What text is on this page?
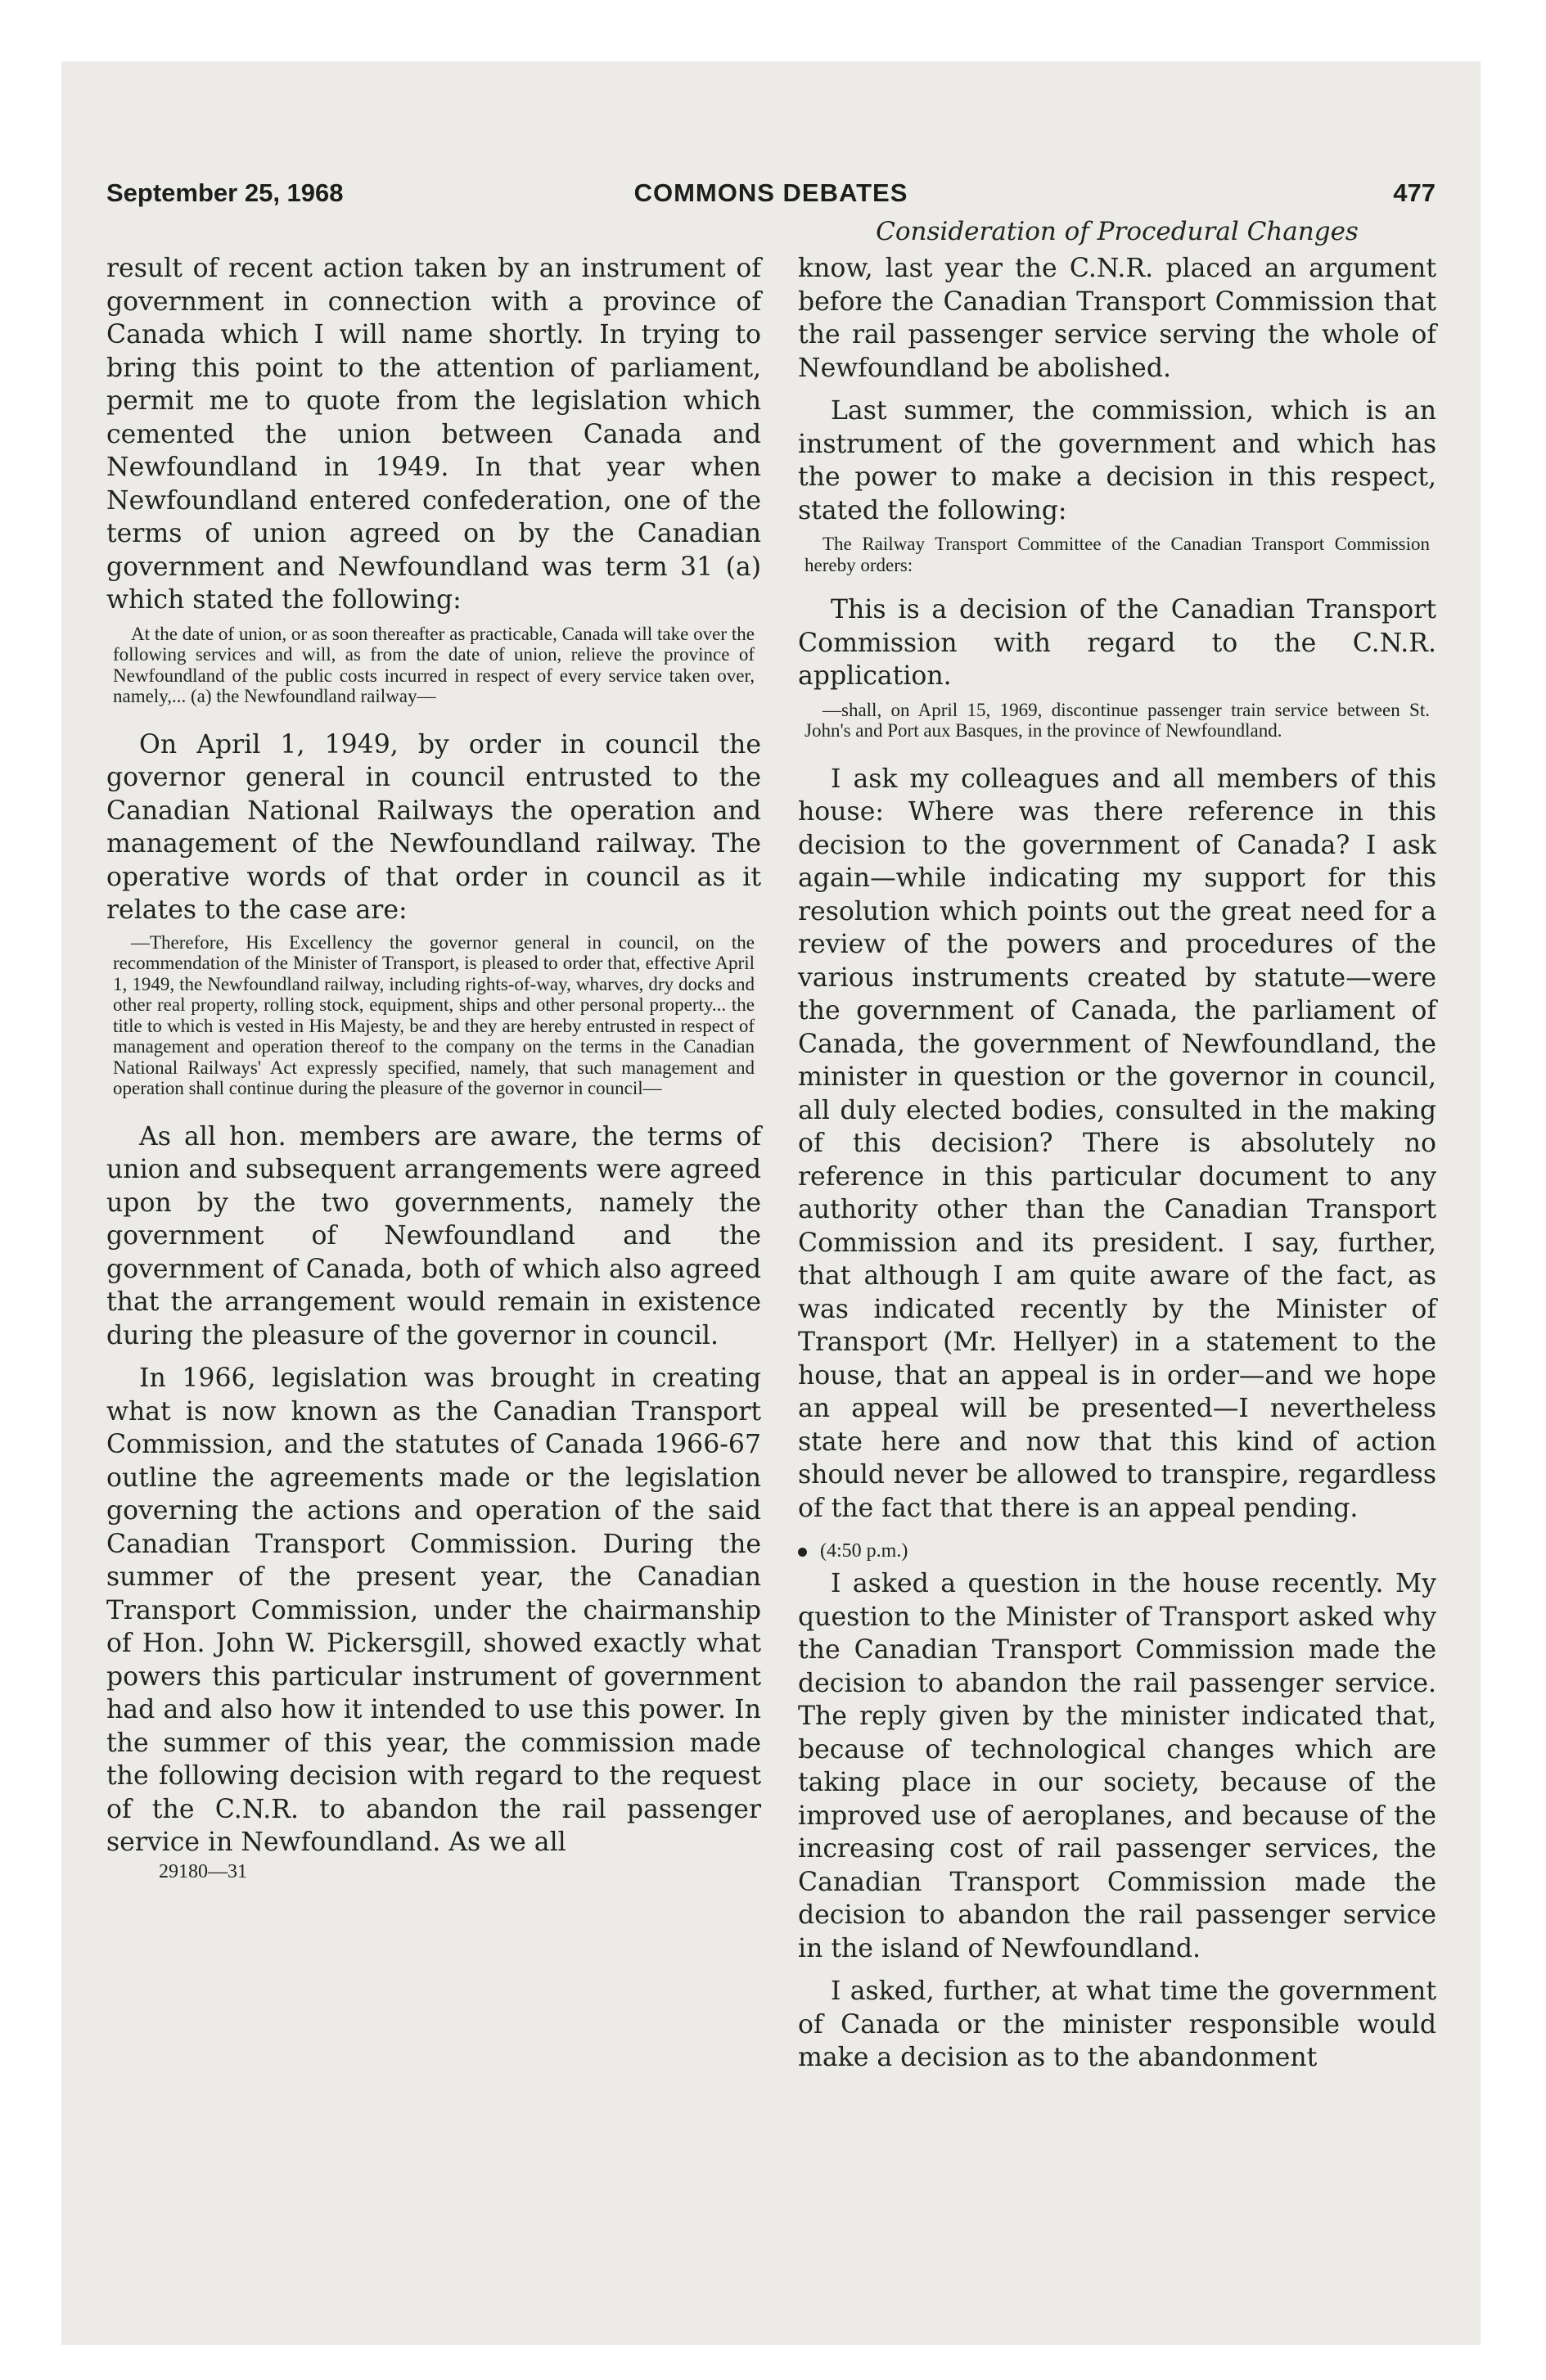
COMMONS DEBATES
September 25, 1968	477
Consideration of Procedural Changes

result of recent action taken by an instrument of government in connection with a province of Canada which I will name shortly. In trying to bring this point to the attention of parliament, permit me to quote from the legislation which cemented the union between Canada and Newfoundland in 1949. In that year when Newfoundland entered confederation, one of the terms of union agreed on by the Canadian government and Newfoundland was term 31 (a) which stated the following:

At the date of union, or as soon thereafter as practicable, Canada will take over the following services and will, as from the date of union, relieve the province of Newfoundland of the public costs incurred in respect of every service taken over, namely,... (a) the Newfoundland railway—

On April 1, 1949, by order in council the governor general in council entrusted to the Canadian National Railways the operation and management of the Newfoundland railway. The operative words of that order in council as it relates to the case are:

—Therefore, His Excellency the governor general in council, on the recommendation of the Minister of Transport, is pleased to order that, effective April 1, 1949, the Newfoundland railway, including rights-of-way, wharves, dry docks and other real property, rolling stock, equipment, ships and other personal property... the title to which is vested in His Majesty, be and they are hereby entrusted in respect of management and operation thereof to the company on the terms in the Canadian National Railways' Act expressly specified, namely, that such management and operation shall continue during the pleasure of the governor in council—

As all hon. members are aware, the terms of union and subsequent arrangements were agreed upon by the two governments, namely the government of Newfoundland and the government of Canada, both of which also agreed that the arrangement would remain in existence during the pleasure of the governor in council.

In 1966, legislation was brought in creating what is now known as the Canadian Transport Commission, and the statutes of Canada 1966-67 outline the agreements made or the legislation governing the actions and operation of the said Canadian Transport Commission. During the summer of the present year, the Canadian Transport Commission, under the chairmanship of Hon. John W. Pickersgill, showed exactly what powers this particular instrument of government had and also how it intended to use this power. In the summer of this year, the commission made the following decision with regard to the request of the C.N.R. to abandon the rail passenger service in Newfoundland. As we all

29180—31

know, last year the C.N.R. placed an argument before the Canadian Transport Commission that the rail passenger service serving the whole of Newfoundland be abolished.

Last summer, the commission, which is an instrument of the government and which has the power to make a decision in this respect, stated the following:

The Railway Transport Committee of the Canadian Transport Commission hereby orders:

This is a decision of the Canadian Transport Commission with regard to the C.N.R. application.

—shall, on April 15, 1969, discontinue passenger train service between St. John's and Port aux Basques, in the province of Newfoundland.

I ask my colleagues and all members of this house: Where was there reference in this decision to the government of Canada? I ask again—while indicating my support for this resolution which points out the great need for a review of the powers and procedures of the various instruments created by statute—were the government of Canada, the parliament of Canada, the government of Newfoundland, the minister in question or the governor in council, all duly elected bodies, consulted in the making of this decision? There is absolutely no reference in this particular document to any authority other than the Canadian Transport Commission and its president. I say, further, that although I am quite aware of the fact, as was indicated recently by the Minister of Transport (Mr. Hellyer) in a statement to the house, that an appeal is in order—and we hope an appeal will be presented—I nevertheless state here and now that this kind of action should never be allowed to transpire, regardless of the fact that there is an appeal pending.

(4:50 p.m.)

I asked a question in the house recently. My question to the Minister of Transport asked why the Canadian Transport Commission made the decision to abandon the rail passenger service. The reply given by the minister indicated that, because of technological changes which are taking place in our society, because of the improved use of aeroplanes, and because of the increasing cost of rail passenger services, the Canadian Transport Commission made the decision to abandon the rail passenger service in the island of Newfoundland.

I asked, further, at what time the government of Canada or the minister responsible would make a decision as to the abandonment
